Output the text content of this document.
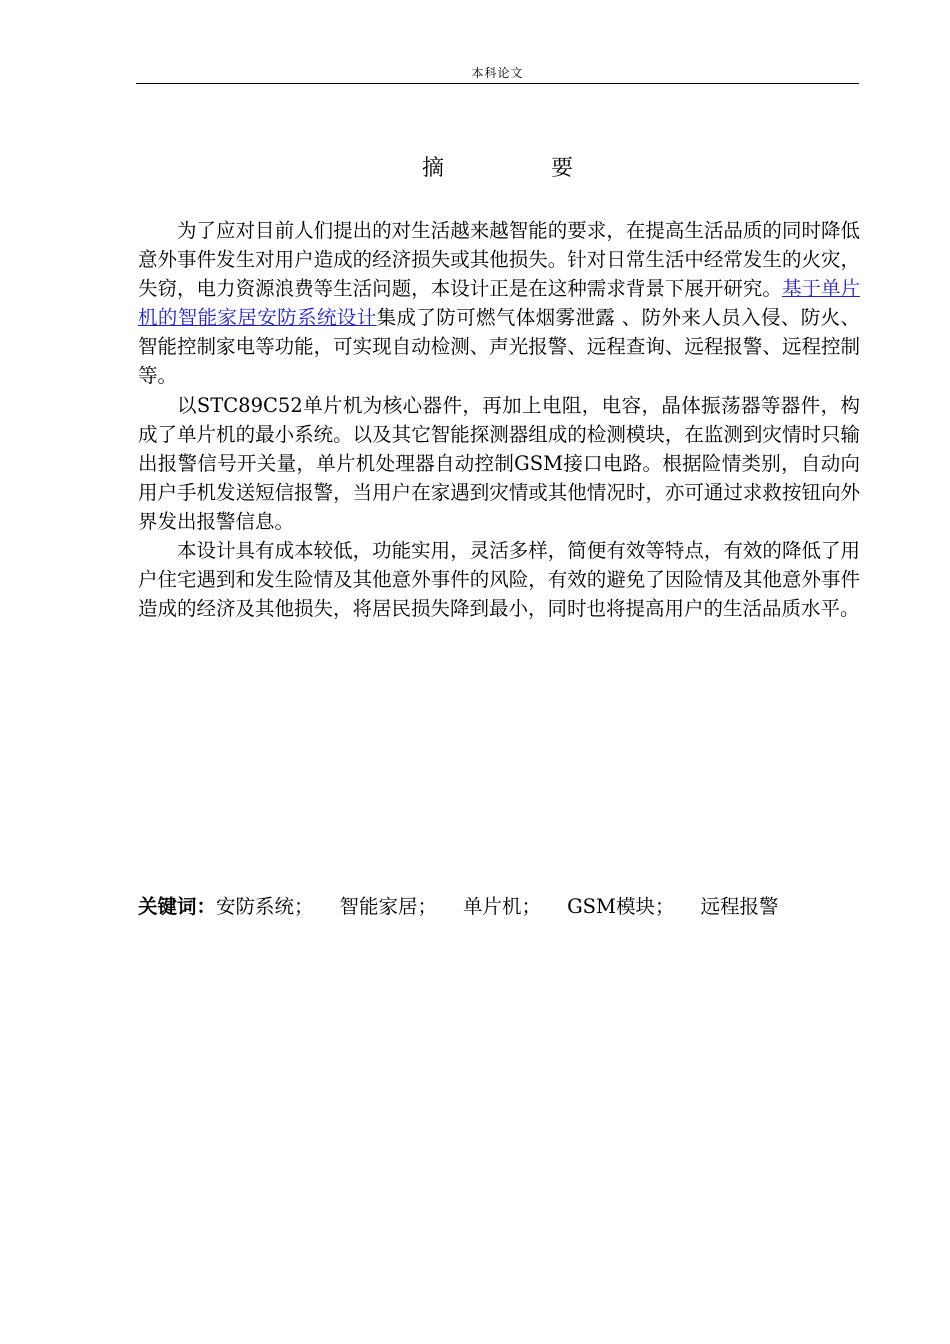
本科论文
摘 要

为了应对目前人们提出的对生活越来越智能的要求，在提高生活品质的同时降低意外事件发生对用户造成的经济损失或其他损失。针对日常生活中经常发生的火灾，失窃，电力资源浪费等生活问题，本设计正是在这种需求背景下展开研究。基于单片机的智能家居安防系统设计集成了防可燃气体烟雾泄露 、防外来人员入侵、防火、智能控制家电等功能，可实现自动检测、声光报警、远程查询、远程报警、远程控制等。

以STC89C52单片机为核心器件，再加上电阻，电容，晶体振荡器等器件，构成了单片机的最小系统。以及其它智能探测器组成的检测模块，在监测到灾情时只输出报警信号开关量，单片机处理器自动控制GSM接口电路。根据险情类别，自动向用户手机发送短信报警，当用户在家遇到灾情或其他情况时，亦可通过求救按钮向外界发出报警信息。

本设计具有成本较低，功能实用，灵活多样，简便有效等特点，有效的降低了用户住宅遇到和发生险情及其他意外事件的风险，有效的避免了因险情及其他意外事件造成的经济及其他损失，将居民损失降到最小，同时也将提高用户的生活品质水平。

关键词：安防系统； 智能家居； 单片机； GSM模块； 远程报警
